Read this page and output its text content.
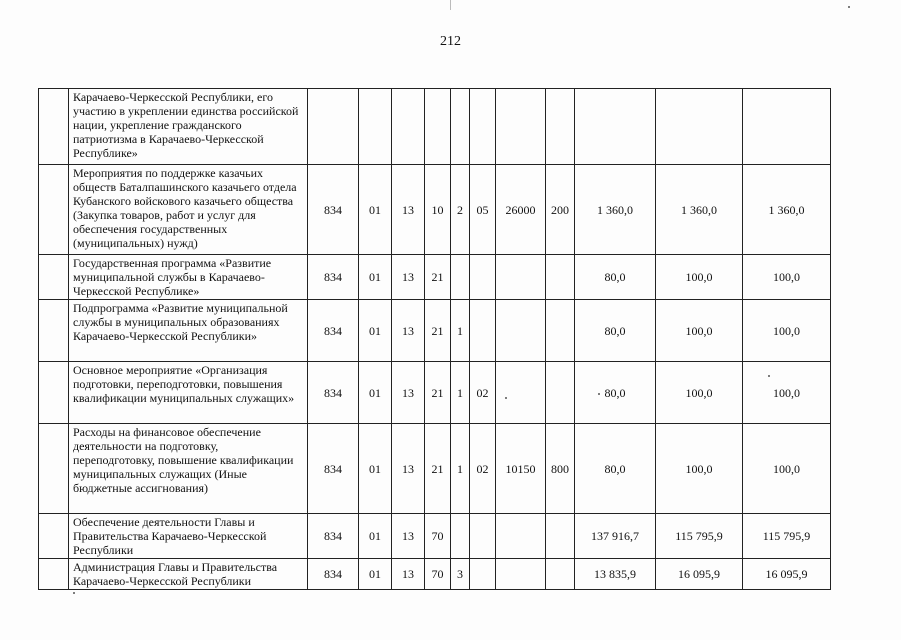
212
	Карачаево-Черкесской Республики, его участию в укреплении единства российской нации, укрепление гражданского патриотизма в Карачаево-Черкесской Республике»											
	Мероприятия по поддержке казачьих обществ Баталпашинского казачьего отдела Кубанского войскового казачьего общества (Закупка товаров, работ и услуг для обеспечения государственных (муниципальных) нужд)	834	01	13	10	2	05	26000	200	1 360,0	1 360,0	1 360,0
	Государственная программа «Развитие муниципальной службы в Карачаево-Черкесской Республике»	834	01	13	21					80,0	100,0	100,0
	Подпрограмма «Развитие муниципальной службы в муниципальных образованиях Карачаево-Черкесской Республики»	834	01	13	21	1				80,0	100,0	100,0
	Основное мероприятие «Организация подготовки, переподготовки, повышения квалификации муниципальных служащих»	834	01	13	21	1	02			80,0	100,0	100,0
	Расходы на финансовое обеспечение деятельности на подготовку, переподготовку, повышение квалификации муниципальных служащих (Иные бюджетные ассигнования)	834	01	13	21	1	02	10150	800	80,0	100,0	100,0
	Обеспечение деятельности Главы и Правительства Карачаево-Черкесской Республики	834	01	13	70					137 916,7	115 795,9	115 795,9
	Администрация Главы и Правительства Карачаево-Черкесской Республики	834	01	13	70	3				13 835,9	16 095,9	16 095,9
